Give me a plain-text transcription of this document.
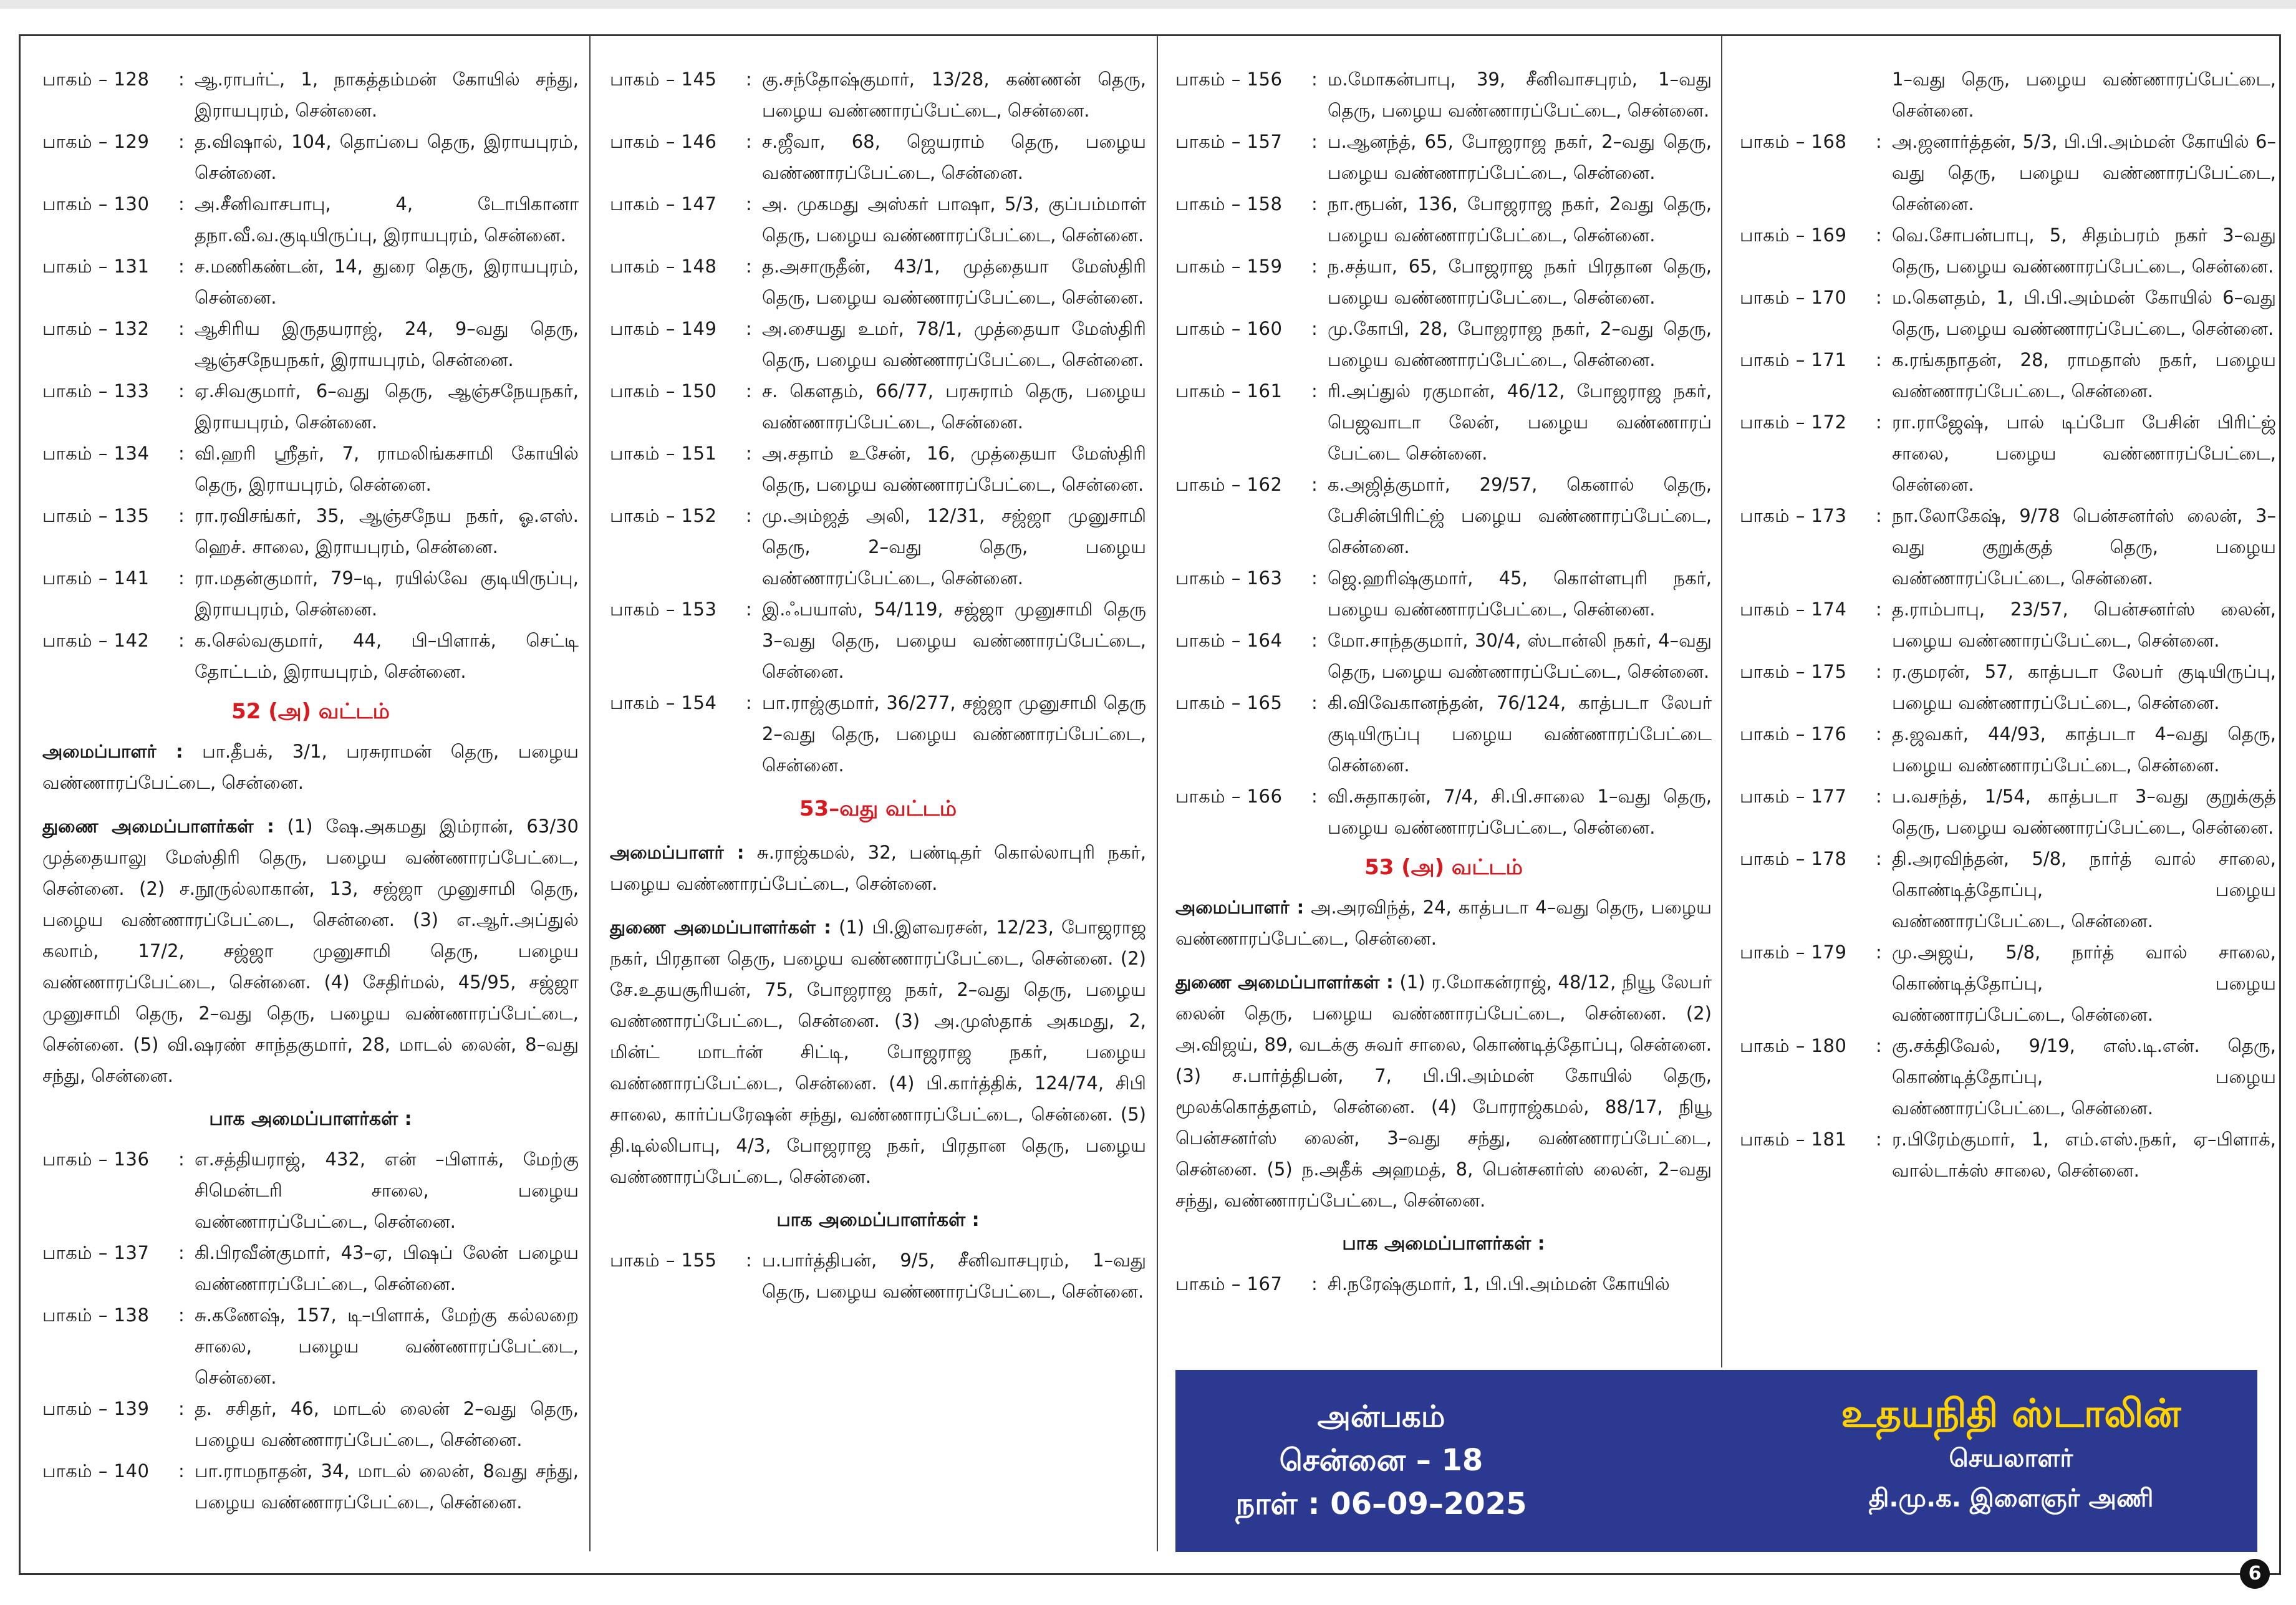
பாகம் – 128	: ஆ.ராபர்ட், 1, நாகத்தம்மன் கோயில் சந்து, இராயபுரம், சென்னை.
பாகம் – 129	: த.விஷால், 104, தொப்பை தெரு, இராயபுரம், சென்னை.
பாகம் – 130	: அ.சீனிவாசபாபு, 4, டோபிகானா தநா.வீ.வ.குடியிருப்பு, இராயபுரம், சென்னை.
பாகம் – 131	: ச.மணிகண்டன், 14, துரை தெரு, இராயபுரம், சென்னை.
பாகம் – 132	: ஆசிரிய இருதயராஜ், 24, 9–வது தெரு, ஆஞ்சநேயநகர், இராயபுரம், சென்னை.
பாகம் – 133	: ஏ.சிவகுமார், 6–வது தெரு, ஆஞ்சநேயநகர், இராயபுரம், சென்னை.
பாகம் – 134	: வி.ஹரி ஸ்ரீதர், 7, ராமலிங்கசாமி கோயில் தெரு, இராயபுரம், சென்னை.
பாகம் – 135	: ரா.ரவிசங்கர், 35, ஆஞ்சநேய நகர், ஓ.எஸ். ஹெச். சாலை, இராயபுரம், சென்னை.
பாகம் – 141	: ரா.மதன்குமார், 79–டி, ரயில்வே குடியிருப்பு, இராயபுரம், சென்னை.
பாகம் – 142	: க.செல்வகுமார், 44, பி–பிளாக், செட்டி தோட்டம், இராயபுரம், சென்னை.
52 (அ) வட்டம்
அமைப்பாளர் : பா.தீபக், 3/1, பரசுராமன் தெரு, பழைய வண்ணாரப்பேட்டை, சென்னை.
துணை அமைப்பாளர்கள் : (1) ஷே.அகமது இம்ரான், 63/30 முத்தையாலு மேஸ்திரி தெரு, பழைய வண்ணாரப்பேட்டை, சென்னை. (2) ச.நூருல்லாகான், 13, சஜ்ஜா முனுசாமி தெரு, பழைய வண்ணாரப்பேட்டை, சென்னை. (3) எ.ஆர்.அப்துல் கலாம், 17/2, சஜ்ஜா முனுசாமி தெரு, பழைய வண்ணாரப்பேட்டை, சென்னை. (4) சேதிர்மல், 45/95, சஜ்ஜா முனுசாமி தெரு, 2–வது தெரு, பழைய வண்ணாரப்பேட்டை, சென்னை. (5) வி.ஷரண் சாந்தகுமார், 28, மாடல் லைன், 8–வது சந்து, சென்னை.
பாக அமைப்பாளர்கள் :
பாகம் – 136	: எ.சத்தியராஜ், 432, என் –பிளாக், மேற்கு சிமென்டரி சாலை, பழைய வண்ணாரப்பேட்டை, சென்னை.
பாகம் – 137	: கி.பிரவீன்குமார், 43–ஏ, பிஷப் லேன் பழைய வண்ணாரப்பேட்டை, சென்னை.
பாகம் – 138	: சு.கணேஷ், 157, டி–பிளாக், மேற்கு கல்லறை சாலை, பழைய வண்ணாரப்பேட்டை, சென்னை.
பாகம் – 139	: த. சசிதர், 46, மாடல் லைன் 2–வது தெரு, பழைய வண்ணாரப்பேட்டை, சென்னை.
பாகம் – 140	: பா.ராமநாதன், 34, மாடல் லைன், 8வது சந்து, பழைய வண்ணாரப்பேட்டை, சென்னை.
பாகம் – 145	: கு.சந்தோஷ்குமார், 13/28, கண்ணன் தெரு, பழைய வண்ணாரப்பேட்டை, சென்னை.
பாகம் – 146	: ச.ஜீவா, 68, ஜெயராம் தெரு, பழைய வண்ணாரப்பேட்டை, சென்னை.
பாகம் – 147	: அ. முகமது அஸ்கர் பாஷா, 5/3, குப்பம்மாள் தெரு, பழைய வண்ணாரப்பேட்டை, சென்னை.
பாகம் – 148	: த.அசாருதீன், 43/1, முத்தையா மேஸ்திரி தெரு, பழைய வண்ணாரப்பேட்டை, சென்னை.
பாகம் – 149	: அ.சையது உமர், 78/1, முத்தையா மேஸ்திரி தெரு, பழைய வண்ணாரப்பேட்டை, சென்னை.
பாகம் – 150	: ச. கௌதம், 66/77, பரசுராம் தெரு, பழைய வண்ணாரப்பேட்டை, சென்னை.
பாகம் – 151	: அ.சதாம் உசேன், 16, முத்தையா மேஸ்திரி தெரு, பழைய வண்ணாரப்பேட்டை, சென்னை.
பாகம் – 152	: மு.அம்ஜத் அலி, 12/31, சஜ்ஜா முனுசாமி தெரு, 2–வது தெரு, பழைய வண்ணாரப்பேட்டை, சென்னை.
பாகம் – 153	: இ.ஃபயாஸ், 54/119, சஜ்ஜா முனுசாமி தெரு 3–வது தெரு, பழைய வண்ணாரப்பேட்டை, சென்னை.
பாகம் – 154	: பா.ராஜ்குமார், 36/277, சஜ்ஜா முனுசாமி தெரு 2–வது தெரு, பழைய வண்ணாரப்பேட்டை, சென்னை.
53–வது வட்டம்
அமைப்பாளர் : சு.ராஜ்கமல், 32, பண்டிதர் கொல்லாபுரி நகர், பழைய வண்ணாரப்பேட்டை, சென்னை.
துணை அமைப்பாளர்கள் : (1) பி.இளவரசன், 12/23, போஜராஜ நகர், பிரதான தெரு, பழைய வண்ணாரப்பேட்டை, சென்னை. (2) சே.உதயசூரியன், 75, போஜராஜ நகர், 2–வது தெரு, பழைய வண்ணாரப்பேட்டை, சென்னை. (3) அ.முஸ்தாக் அகமது, 2, மின்ட் மாடர்ன் சிட்டி, போஜராஜ நகர், பழைய வண்ணாரப்பேட்டை, சென்னை. (4) பி.கார்த்திக், 124/74, சிபி சாலை, கார்ப்பரேஷன் சந்து, வண்ணாரப்பேட்டை, சென்னை. (5) தி.டில்லிபாபு, 4/3, போஜராஜ நகர், பிரதான தெரு, பழைய வண்ணாரப்பேட்டை, சென்னை.
பாக அமைப்பாளர்கள் :
பாகம் – 155	: ப.பார்த்திபன், 9/5, சீனிவாசபுரம், 1–வது தெரு, பழைய வண்ணாரப்பேட்டை, சென்னை.
பாகம் – 156	: ம.மோகன்பாபு, 39, சீனிவாசபுரம், 1–வது தெரு, பழைய வண்ணாரப்பேட்டை, சென்னை.
பாகம் – 157	: ப.ஆனந்த், 65, போஜராஜ நகர், 2–வது தெரு, பழைய வண்ணாரப்பேட்டை, சென்னை.
பாகம் – 158	: நா.ரூபன், 136, போஜராஜ நகர், 2வது தெரு, பழைய வண்ணாரப்பேட்டை, சென்னை.
பாகம் – 159	: ந.சத்யா, 65, போஜராஜ நகர் பிரதான தெரு, பழைய வண்ணாரப்பேட்டை, சென்னை.
பாகம் – 160	: மு.கோபி, 28, போஜராஜ நகர், 2–வது தெரு, பழைய வண்ணாரப்பேட்டை, சென்னை.
பாகம் – 161	: ரி.அப்துல் ரகுமான், 46/12, போஜராஜ நகர், பெஜவாடா லேன், பழைய வண்ணாரப் பேட்டை சென்னை.
பாகம் – 162	: க.அஜித்குமார், 29/57, கெனால் தெரு, பேசின்பிரிட்ஜ் பழைய வண்ணாரப்பேட்டை, சென்னை.
பாகம் – 163	: ஜெ.ஹரிஷ்குமார், 45, கொள்ளபுரி நகர், பழைய வண்ணாரப்பேட்டை, சென்னை.
பாகம் – 164	: மோ.சாந்தகுமார், 30/4, ஸ்டான்லி நகர், 4–வது தெரு, பழைய வண்ணாரப்பேட்டை, சென்னை.
பாகம் – 165	: கி.விவேகானந்தன், 76/124, காத்படா லேபர் குடியிருப்பு பழைய வண்ணாரப்பேட்டை சென்னை.
பாகம் – 166	: வி.சுதாகரன், 7/4, சி.பி.சாலை 1–வது தெரு, பழைய வண்ணாரப்பேட்டை, சென்னை.
53 (அ) வட்டம்
அமைப்பாளர் : அ.அரவிந்த், 24, காத்படா 4–வது தெரு, பழைய வண்ணாரப்பேட்டை, சென்னை.
துணை அமைப்பாளர்கள் : (1) ர.மோகன்ராஜ், 48/12, நியூ லேபர் லைன் தெரு, பழைய வண்ணாரப்பேட்டை, சென்னை. (2) அ.விஜய், 89, வடக்கு சுவர் சாலை, கொண்டித்தோப்பு, சென்னை. (3) ச.பார்த்திபன், 7, பி.பி.அம்மன் கோயில் தெரு, மூலக்கொத்தளம், சென்னை. (4) போராஜ்கமல், 88/17, நியூ பென்சனர்ஸ் லைன், 3–வது சந்து, வண்ணாரப்பேட்டை, சென்னை. (5) ந.அதீக் அஹமத், 8, பென்சனர்ஸ் லைன், 2–வது சந்து, வண்ணாரப்பேட்டை, சென்னை.
பாக அமைப்பாளர்கள் :
பாகம் – 167	: சி.நரேஷ்குமார், 1, பி.பி.அம்மன் கோயில்
1–வது தெரு, பழைய வண்ணாரப்பேட்டை, சென்னை.
பாகம் – 168	: அ.ஜனார்த்தன், 5/3, பி.பி.அம்மன் கோயில் 6–வது தெரு, பழைய வண்ணாரப்பேட்டை, சென்னை.
பாகம் – 169	: வெ.சோபன்பாபு, 5, சிதம்பரம் நகர் 3–வது தெரு, பழைய வண்ணாரப்பேட்டை, சென்னை.
பாகம் – 170	: ம.கௌதம், 1, பி.பி.அம்மன் கோயில் 6–வது தெரு, பழைய வண்ணாரப்பேட்டை, சென்னை.
பாகம் – 171	: க.ரங்கநாதன், 28, ராமதாஸ் நகர், பழைய வண்ணாரப்பேட்டை, சென்னை.
பாகம் – 172	: ரா.ராஜேஷ், பால் டிப்போ பேசின் பிரிட்ஜ் சாலை, பழைய வண்ணாரப்பேட்டை, சென்னை.
பாகம் – 173	: நா.லோகேஷ், 9/78 பென்சனர்ஸ் லைன், 3–வது குறுக்குத் தெரு, பழைய வண்ணாரப்பேட்டை, சென்னை.
பாகம் – 174	: த.ராம்பாபு, 23/57, பென்சனர்ஸ் லைன், பழைய வண்ணாரப்பேட்டை, சென்னை.
பாகம் – 175	: ர.குமரன், 57, காத்படா லேபர் குடியிருப்பு, பழைய வண்ணாரப்பேட்டை, சென்னை.
பாகம் – 176	: த.ஜவகர், 44/93, காத்படா 4–வது தெரு, பழைய வண்ணாரப்பேட்டை, சென்னை.
பாகம் – 177	: ப.வசந்த், 1/54, காத்படா 3–வது குறுக்குத் தெரு, பழைய வண்ணாரப்பேட்டை, சென்னை.
பாகம் – 178	: தி.அரவிந்தன், 5/8, நார்த் வால் சாலை, கொண்டித்தோப்பு, பழைய வண்ணாரப்பேட்டை, சென்னை.
பாகம் – 179	: மு.அஜய், 5/8, நார்த் வால் சாலை, கொண்டித்தோப்பு, பழைய வண்ணாரப்பேட்டை, சென்னை.
பாகம் – 180	: கு.சக்திவேல், 9/19, எஸ்.டி.என். தெரு, கொண்டித்தோப்பு, பழைய வண்ணாரப்பேட்டை, சென்னை.
பாகம் – 181	: ர.பிரேம்குமார், 1, எம்.எஸ்.நகர், ஏ–பிளாக், வால்டாக்ஸ் சாலை, சென்னை.
அன்பகம்
சென்னை – 18
நாள் : 06–09–2025
உதயநிதி ஸ்டாலின்
செயலாளர்
தி.மு.க. இளைஞர் அணி
6
